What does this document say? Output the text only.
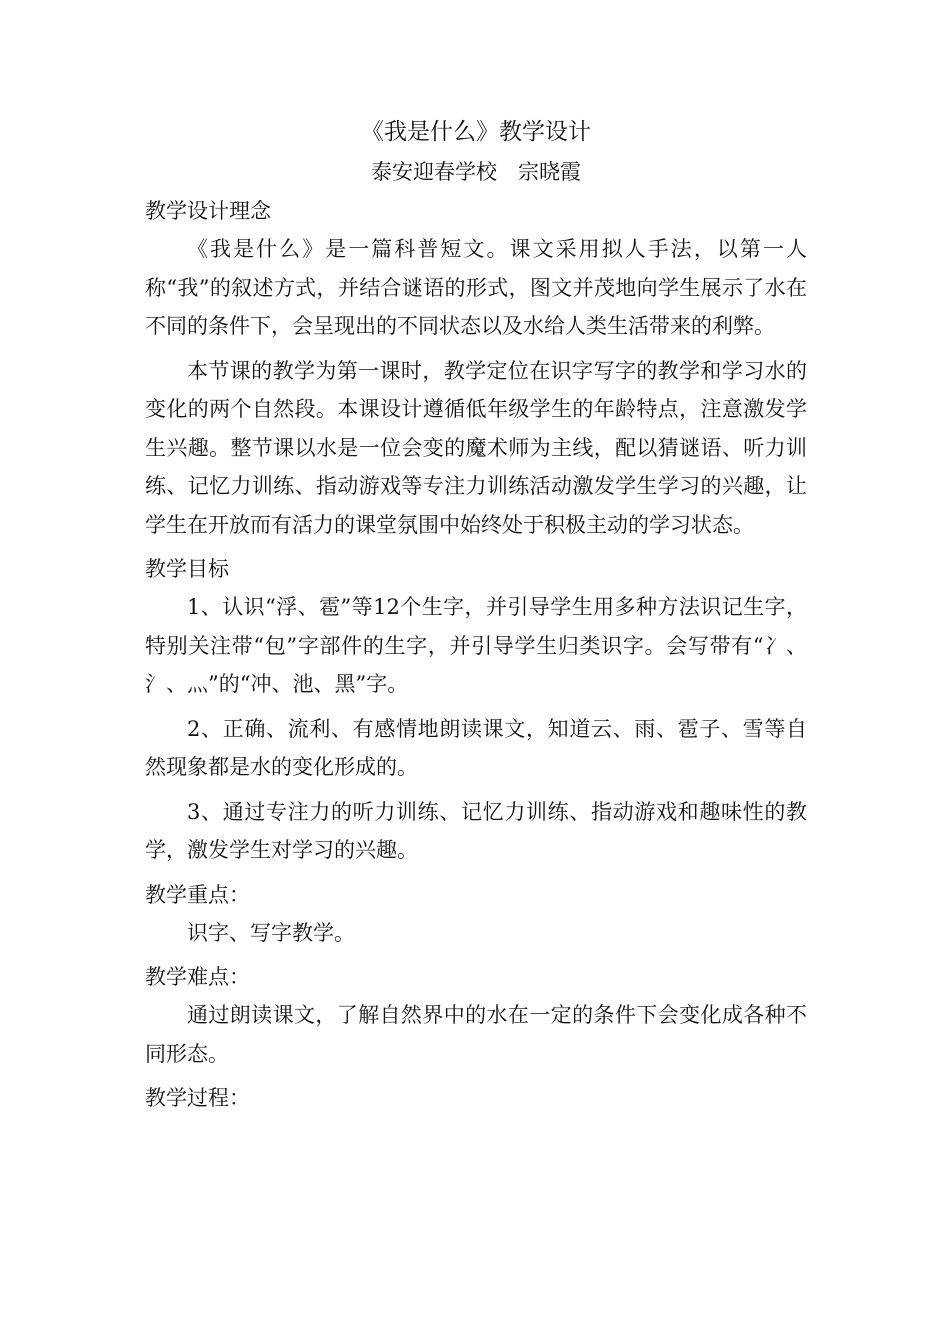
《我是什么》教学设计

泰安迎春学校　宗晓霞

教学设计理念

《我是什么》是一篇科普短文。课文采用拟人手法，以第一人称“我”的叙述方式，并结合谜语的形式，图文并茂地向学生展示了水在不同的条件下，会呈现出的不同状态以及水给人类生活带来的利弊。

本节课的教学为第一课时，教学定位在识字写字的教学和学习水的变化的两个自然段。本课设计遵循低年级学生的年龄特点，注意激发学生兴趣。整节课以水是一位会变的魔术师为主线，配以猜谜语、听力训练、记忆力训练、指动游戏等专注力训练活动激发学生学习的兴趣，让学生在开放而有活力的课堂氛围中始终处于积极主动的学习状态。

教学目标

1、认识“浮、雹”等12个生字，并引导学生用多种方法识记生字，特别关注带“包”字部件的生字，并引导学生归类识字。会写带有“冫、氵、灬”的“冲、池、黑”字。

2、正确、流利、有感情地朗读课文，知道云、雨、雹子、雪等自然现象都是水的变化形成的。

3、通过专注力的听力训练、记忆力训练、指动游戏和趣味性的教学，激发学生对学习的兴趣。

教学重点：

识字、写字教学。

教学难点：

通过朗读课文，了解自然界中的水在一定的条件下会变化成各种不同形态。

教学过程：
